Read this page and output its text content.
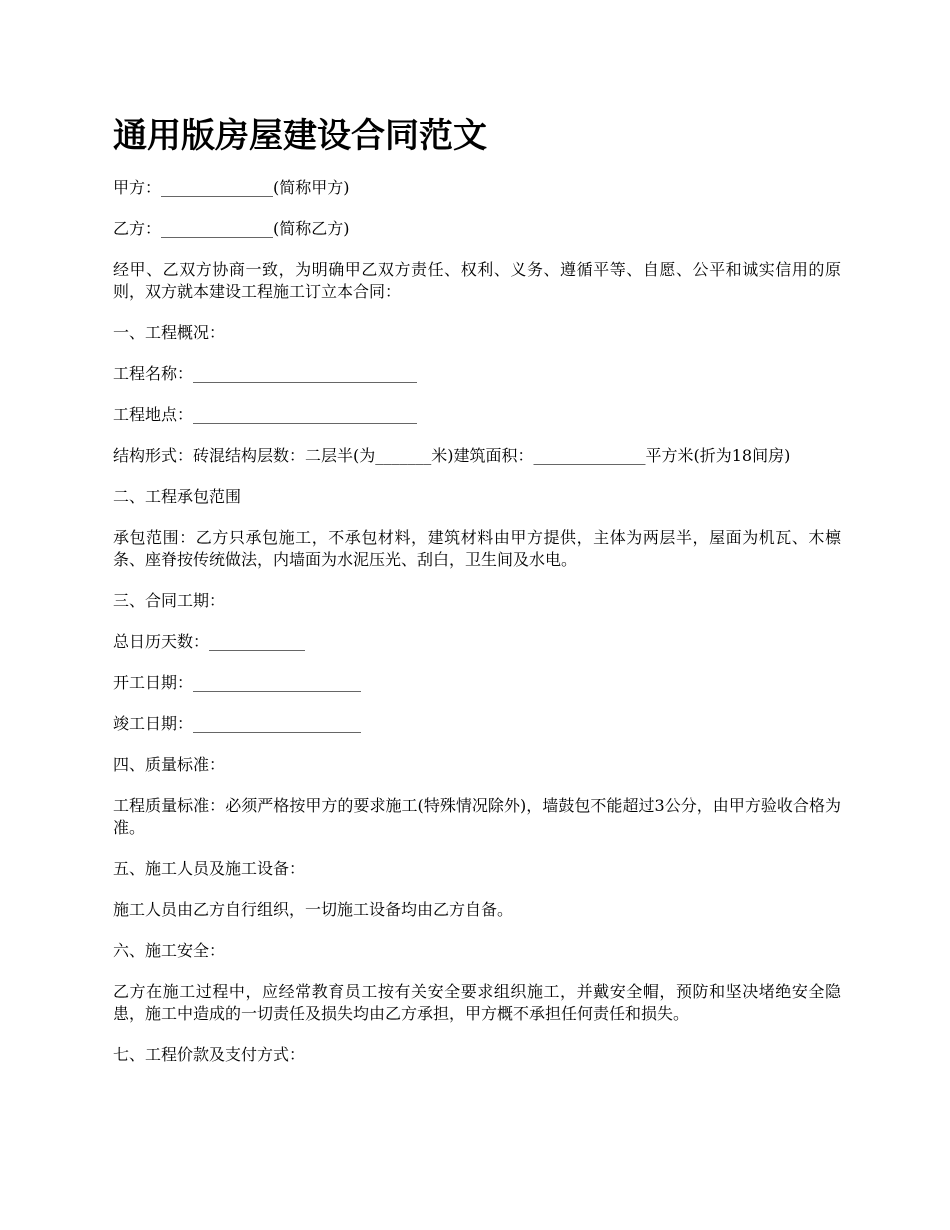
通用版房屋建设合同范文

甲方：______________(简称甲方)

乙方：______________(简称乙方)

经甲、乙双方协商一致，为明确甲乙双方责任、权利、义务、遵循平等、自愿、公平和诚实信用的原则，双方就本建设工程施工订立本合同：

一、工程概况：

工程名称：____________________________

工程地点：____________________________

结构形式：砖混结构层数：二层半(为_______米)建筑面积：______________平方米(折为18间房)

二、工程承包范围

承包范围：乙方只承包施工，不承包材料，建筑材料由甲方提供，主体为两层半，屋面为机瓦、木檩条、座脊按传统做法，内墙面为水泥压光、刮白，卫生间及水电。

三、合同工期：

总日历天数：____________

开工日期：_____________________

竣工日期：_____________________

四、质量标准：

工程质量标准：必须严格按甲方的要求施工(特殊情况除外)，墙鼓包不能超过3公分，由甲方验收合格为准。

五、施工人员及施工设备：

施工人员由乙方自行组织，一切施工设备均由乙方自备。

六、施工安全：

乙方在施工过程中，应经常教育员工按有关安全要求组织施工，并戴安全帽，预防和坚决堵绝安全隐患，施工中造成的一切责任及损失均由乙方承担，甲方概不承担任何责任和损失。

七、工程价款及支付方式：
